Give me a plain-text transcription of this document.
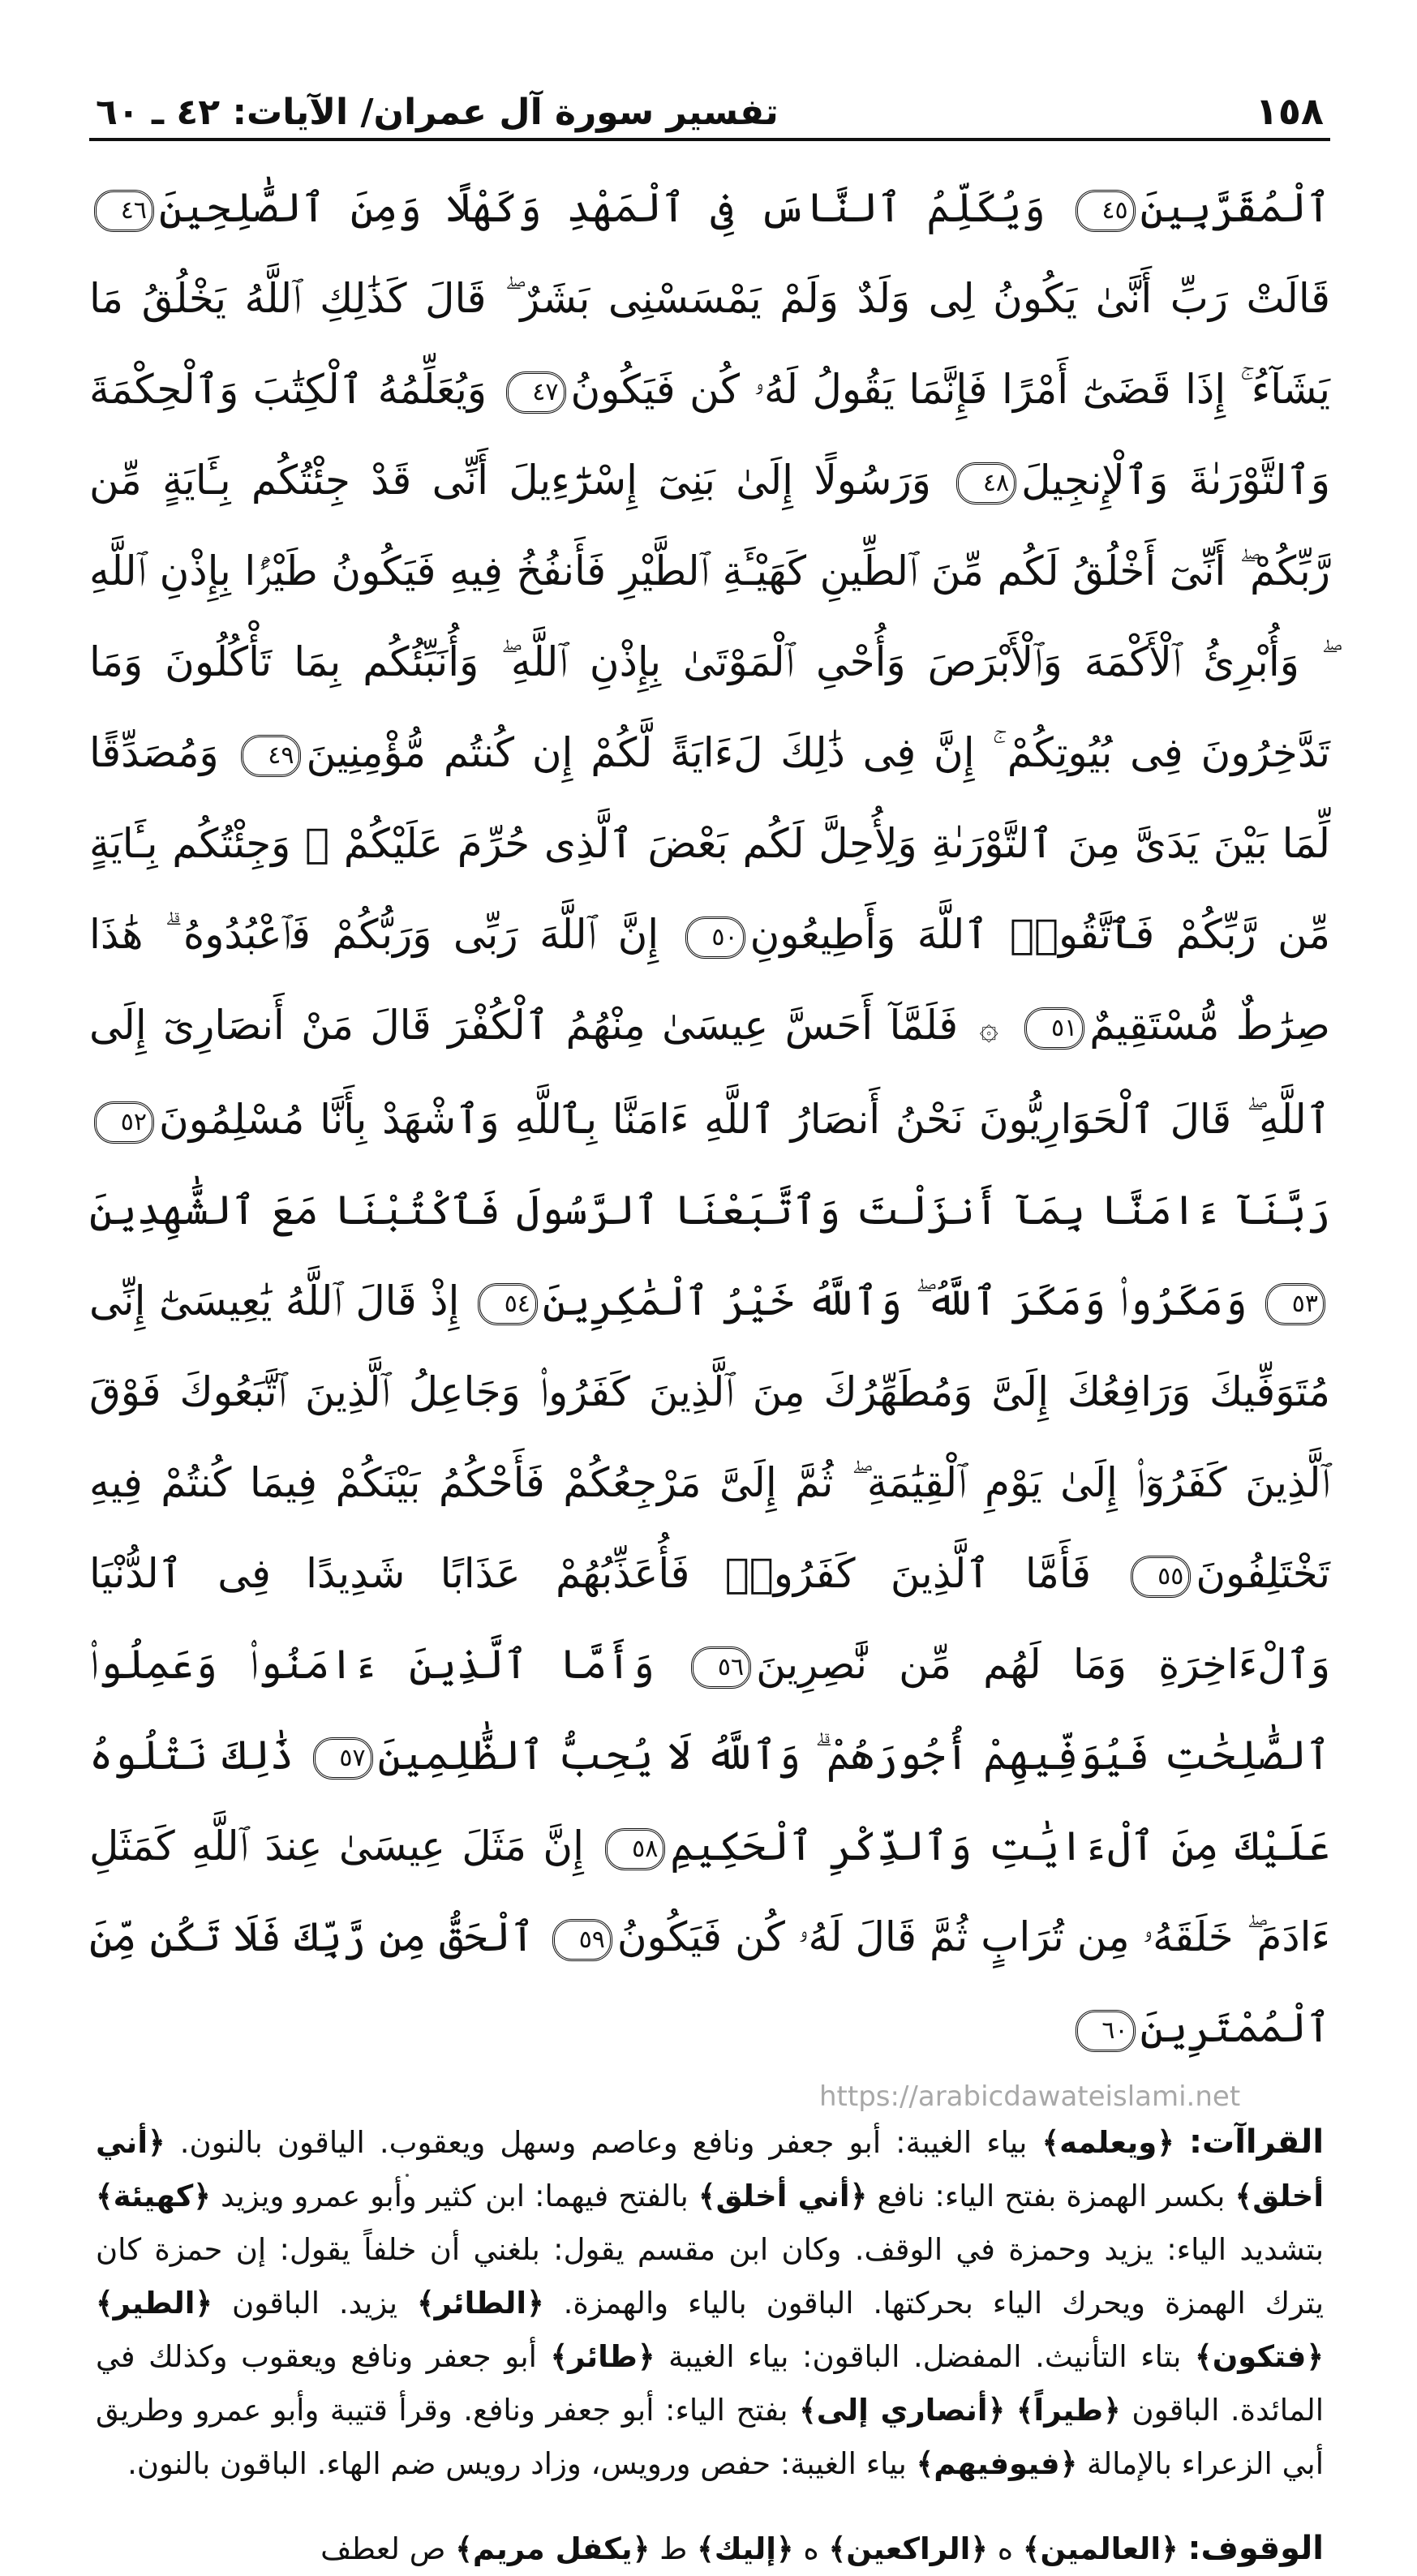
١٥٨
تفسير سورة آل عمران/ الآيات: ٤٢ ـ ٦٠
ٱلْمُقَرَّبِينَ٤٥ وَيُكَلِّمُ ٱلنَّاسَ فِى ٱلْمَهْدِ وَكَهْلًا وَمِنَ ٱلصَّٰلِحِينَ٤٦ قَالَتْ رَبِّ أَنَّىٰ يَكُونُ لِى وَلَدٌ وَلَمْ يَمْسَسْنِى بَشَرٌ ۖ قَالَ كَذَٰلِكِ ٱللَّهُ يَخْلُقُ مَا يَشَآءُ ۚ إِذَا قَضَىٰٓ أَمْرًا فَإِنَّمَا يَقُولُ لَهُۥ كُن فَيَكُونُ٤٧ وَيُعَلِّمُهُ ٱلْكِتَٰبَ وَٱلْحِكْمَةَ وَٱلتَّوْرَىٰةَ وَٱلْإِنجِيلَ٤٨ وَرَسُولًا إِلَىٰ بَنِىٓ إِسْرَٰٓءِيلَ أَنِّى قَدْ جِئْتُكُم بِـَٔايَةٍ مِّن رَّبِّكُمْ ۖ أَنِّىٓ أَخْلُقُ لَكُم مِّنَ ٱلطِّينِ كَهَيْـَٔةِ ٱلطَّيْرِ فَأَنفُخُ فِيهِ فَيَكُونُ طَيْرًۢا بِإِذْنِ ٱللَّهِ ۖ وَأُبْرِئُ ٱلْأَكْمَهَ وَٱلْأَبْرَصَ وَأُحْىِ ٱلْمَوْتَىٰ بِإِذْنِ ٱللَّهِ ۖ وَأُنَبِّئُكُم بِمَا تَأْكُلُونَ وَمَا تَدَّخِرُونَ فِى بُيُوتِكُمْ ۚ إِنَّ فِى ذَٰلِكَ لَءَايَةً لَّكُمْ إِن كُنتُم مُّؤْمِنِينَ٤٩ وَمُصَدِّقًا لِّمَا بَيْنَ يَدَىَّ مِنَ ٱلتَّوْرَىٰةِ وَلِأُحِلَّ لَكُم بَعْضَ ٱلَّذِى حُرِّمَ عَلَيْكُمْ ۚ وَجِئْتُكُم بِـَٔايَةٍ مِّن رَّبِّكُمْ فَٱتَّقُوا۟ ٱللَّهَ وَأَطِيعُونِ٥٠ إِنَّ ٱللَّهَ رَبِّى وَرَبُّكُمْ فَٱعْبُدُوهُ ۗ هَٰذَا صِرَٰطٌ مُّسْتَقِيمٌ٥١ ۞ فَلَمَّآ أَحَسَّ عِيسَىٰ مِنْهُمُ ٱلْكُفْرَ قَالَ مَنْ أَنصَارِىٓ إِلَى ٱللَّهِ ۖ قَالَ ٱلْحَوَارِيُّونَ نَحْنُ أَنصَارُ ٱللَّهِ ءَامَنَّا بِٱللَّهِ وَٱشْهَدْ بِأَنَّا مُسْلِمُونَ٥٢ رَبَّنَآ ءَامَنَّا بِمَآ أَنزَلْتَ وَٱتَّبَعْنَا ٱلرَّسُولَ فَٱكْتُبْنَا مَعَ ٱلشَّٰهِدِينَ٥٣ وَمَكَرُوا۟ وَمَكَرَ ٱللَّهُ ۖ وَٱللَّهُ خَيْرُ ٱلْمَٰكِرِينَ٥٤ إِذْ قَالَ ٱللَّهُ يَٰعِيسَىٰٓ إِنِّى مُتَوَفِّيكَ وَرَافِعُكَ إِلَىَّ وَمُطَهِّرُكَ مِنَ ٱلَّذِينَ كَفَرُوا۟ وَجَاعِلُ ٱلَّذِينَ ٱتَّبَعُوكَ فَوْقَ ٱلَّذِينَ كَفَرُوٓا۟ إِلَىٰ يَوْمِ ٱلْقِيَٰمَةِ ۖ ثُمَّ إِلَىَّ مَرْجِعُكُمْ فَأَحْكُمُ بَيْنَكُمْ فِيمَا كُنتُمْ فِيهِ تَخْتَلِفُونَ٥٥ فَأَمَّا ٱلَّذِينَ كَفَرُوا۟ فَأُعَذِّبُهُمْ عَذَابًا شَدِيدًا فِى ٱلدُّنْيَا وَٱلْءَاخِرَةِ وَمَا لَهُم مِّن نَّٰصِرِينَ٥٦ وَأَمَّا ٱلَّذِينَ ءَامَنُوا۟ وَعَمِلُوا۟ ٱلصَّٰلِحَٰتِ فَيُوَفِّيهِمْ أُجُورَهُمْ ۗ وَٱللَّهُ لَا يُحِبُّ ٱلظَّٰلِمِينَ٥٧ ذَٰلِكَ نَتْلُوهُ عَلَيْكَ مِنَ ٱلْءَايَٰتِ وَٱلذِّكْرِ ٱلْحَكِيمِ٥٨ إِنَّ مَثَلَ عِيسَىٰ عِندَ ٱللَّهِ كَمَثَلِ ءَادَمَ ۖ خَلَقَهُۥ مِن تُرَابٍ ثُمَّ قَالَ لَهُۥ كُن فَيَكُونُ٥٩ ٱلْحَقُّ مِن رَّبِّكَ فَلَا تَكُن مِّنَ ٱلْمُمْتَرِينَ٦٠
القراآت: ﴿ويعلمه﴾ بياء الغيبة: أبو جعفر ونافع وعاصم وسهل ويعقوب. الياقون بالنون. ﴿أني أخلق﴾ بكسر الهمزة بفتح الياء: نافع ﴿أني أخلق﴾ بالفتح فيهما: ابن كثير وأبو عمرو ويزيد ﴿كهيئة﴾ بتشديد الياء: يزيد وحمزة في الوقف. وكان ابن مقسم يقول: بلغني أن خلفاً يقول: إن حمزة كان يترك الهمزة ويحرك الياء بحركتها. الباقون بالياء والهمزة. ﴿الطائر﴾ يزيد. الباقون ﴿الطير﴾ ﴿فتكون﴾ بتاء التأنيث. المفضل. الباقون: بياء الغيبة ﴿طائر﴾ أبو جعفر ونافع ويعقوب وكذلك في المائدة. الباقون ﴿طيراً﴾ ﴿أنصاري إلى﴾ بفتح الياء: أبو جعفر ونافع. وقرأ قتيبة وأبو عمرو وطريق أبي الزعراء بالإمالة ﴿فيوفيهم﴾ بياء الغيبة: حفص ورويس، وزاد رويس ضم الهاء. الباقون بالنون.
الوقوف: ﴿العالمين﴾ ه ﴿الراكعين﴾ ه ﴿إليك﴾ ط ﴿يكفل مريم﴾ ص لعطف
https://arabicdawateislami.net
